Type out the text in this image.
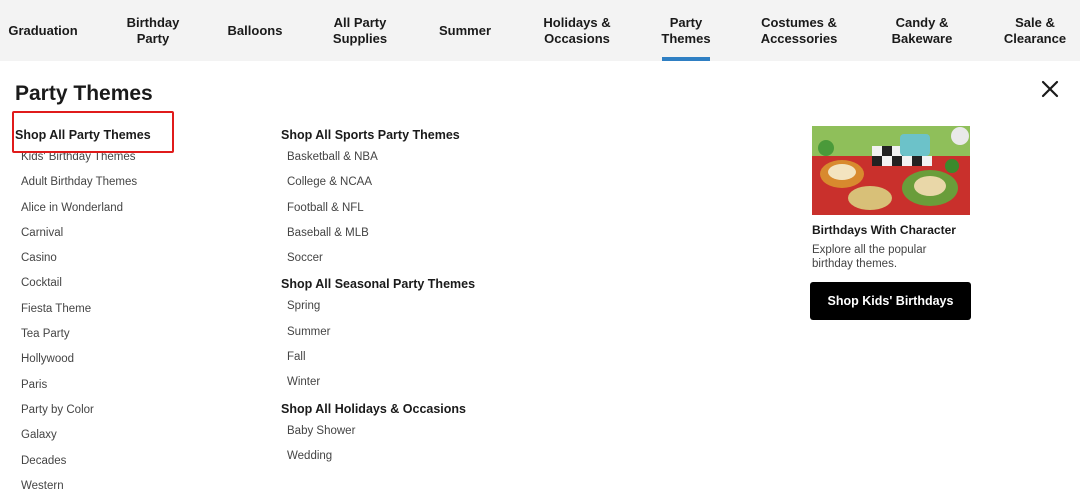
Graduation
Birthday
Party
Balloons
All Party
Supplies
Summer
Holidays &
Occasions
Party
Themes
Costumes &
Accessories
Candy &
Bakeware
Sale &
Clearance
Party Themes
Shop All Party Themes
Kids' Birthday Themes
Adult Birthday Themes
Alice in Wonderland
Carnival
Casino
Cocktail
Fiesta Theme
Tea Party
Hollywood
Paris
Party by Color
Galaxy
Decades
Western
Shop All Sports Party Themes
Basketball & NBA
College & NCAA
Football & NFL
Baseball & MLB
Soccer
Shop All Seasonal Party Themes
Spring
Summer
Fall
Winter
Shop All Holidays & Occasions
Baby Shower
Wedding
Birthdays With Character
Explore all the popular birthday themes.
Shop Kids' Birthdays
